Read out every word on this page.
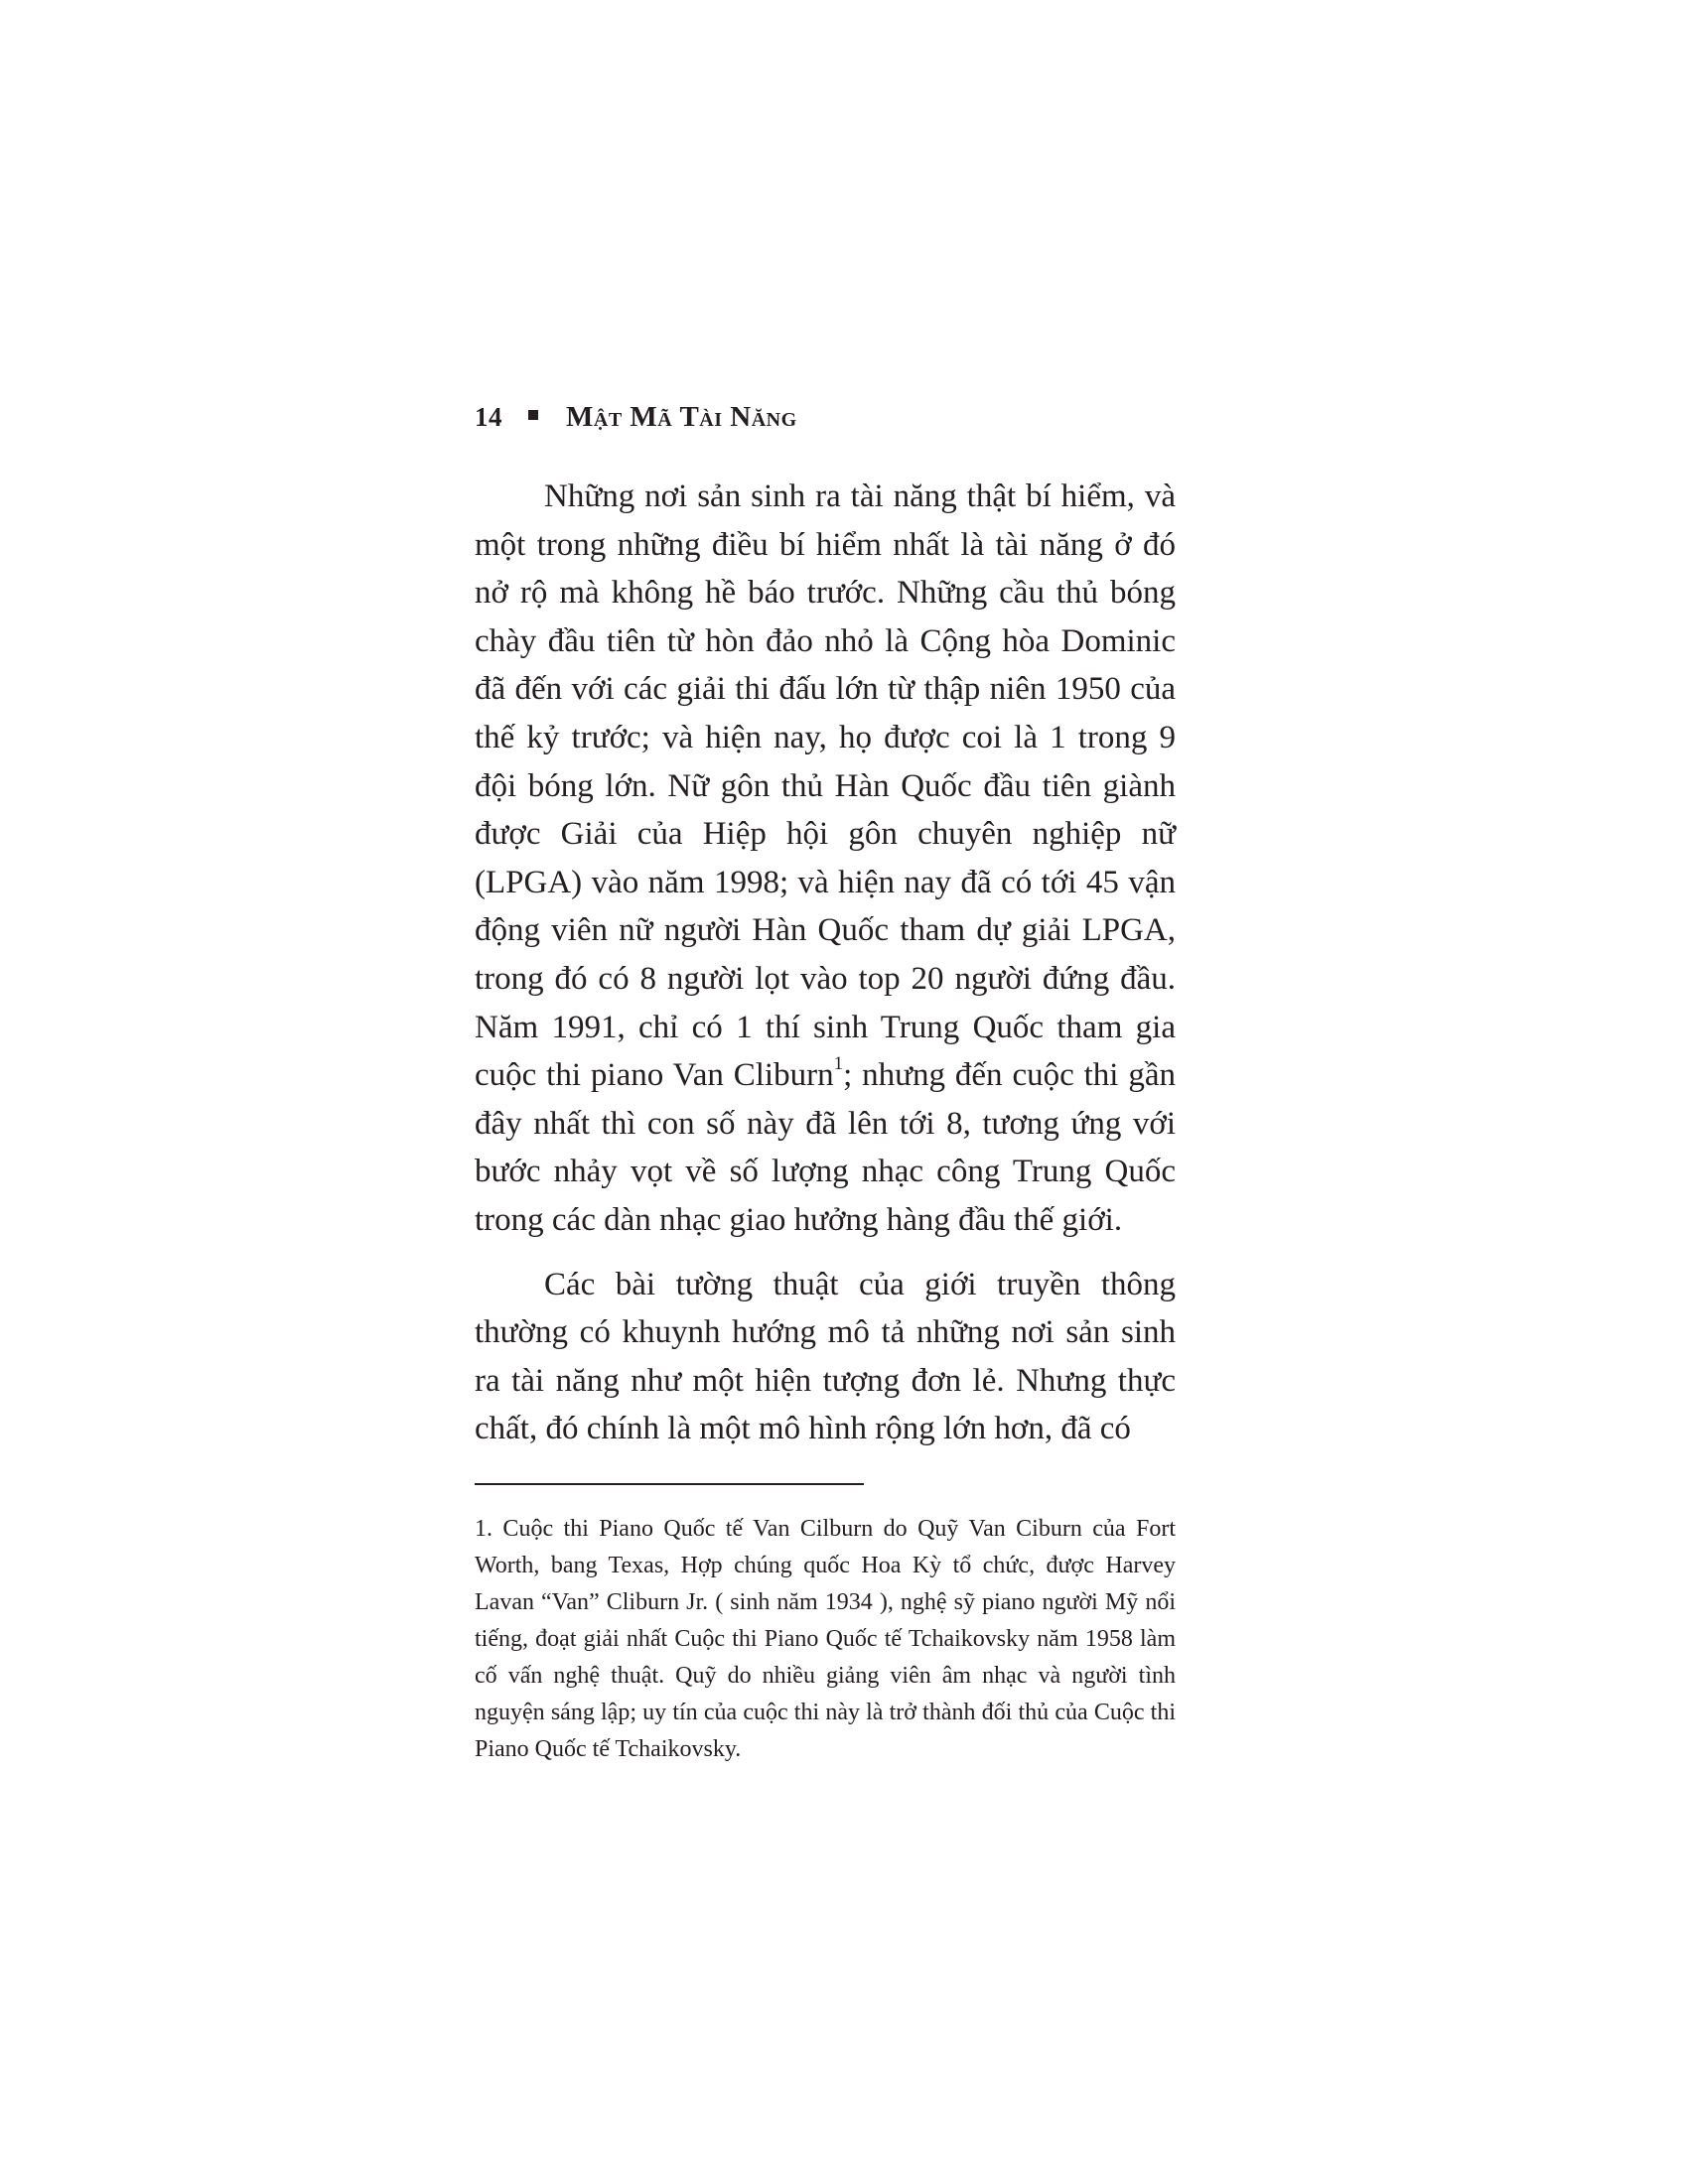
14 Mật Mã Tài Năng

Những nơi sản sinh ra tài năng thật bí hiểm, và một trong những điều bí hiểm nhất là tài năng ở đó nở rộ mà không hề báo trước. Những cầu thủ bóng chày đầu tiên từ hòn đảo nhỏ là Cộng hòa Dominic đã đến với các giải thi đấu lớn từ thập niên 1950 của thế kỷ trước; và hiện nay, họ được coi là 1 trong 9 đội bóng lớn. Nữ gôn thủ Hàn Quốc đầu tiên giành được Giải của Hiệp hội gôn chuyên nghiệp nữ (LPGA) vào năm 1998; và hiện nay đã có tới 45 vận động viên nữ người Hàn Quốc tham dự giải LPGA, trong đó có 8 người lọt vào top 20 người đứng đầu. Năm 1991, chỉ có 1 thí sinh Trung Quốc tham gia cuộc thi piano Van Cliburn$^1$; nhưng đến cuộc thi gần đây nhất thì con số này đã lên tới 8, tương ứng với bước nhảy vọt về số lượng nhạc công Trung Quốc trong các dàn nhạc giao hưởng hàng đầu thế giới.

Các bài tường thuật của giới truyền thông thường có khuynh hướng mô tả những nơi sản sinh ra tài năng như một hiện tượng đơn lẻ. Nhưng thực chất, đó chính là một mô hình rộng lớn hơn, đã có

1. Cuộc thi Piano Quốc tế Van Cilburn do Quỹ Van Ciburn của Fort Worth, bang Texas, Hợp chúng quốc Hoa Kỳ tổ chức, được Harvey Lavan “Van” Cliburn Jr. ( sinh năm 1934 ), nghệ sỹ piano người Mỹ nổi tiếng, đoạt giải nhất Cuộc thi Piano Quốc tế Tchaikovsky năm 1958 làm cố vấn nghệ thuật. Quỹ do nhiều giảng viên âm nhạc và người tình nguyện sáng lập; uy tín của cuộc thi này là trở thành đối thủ của Cuộc thi Piano Quốc tế Tchaikovsky.
